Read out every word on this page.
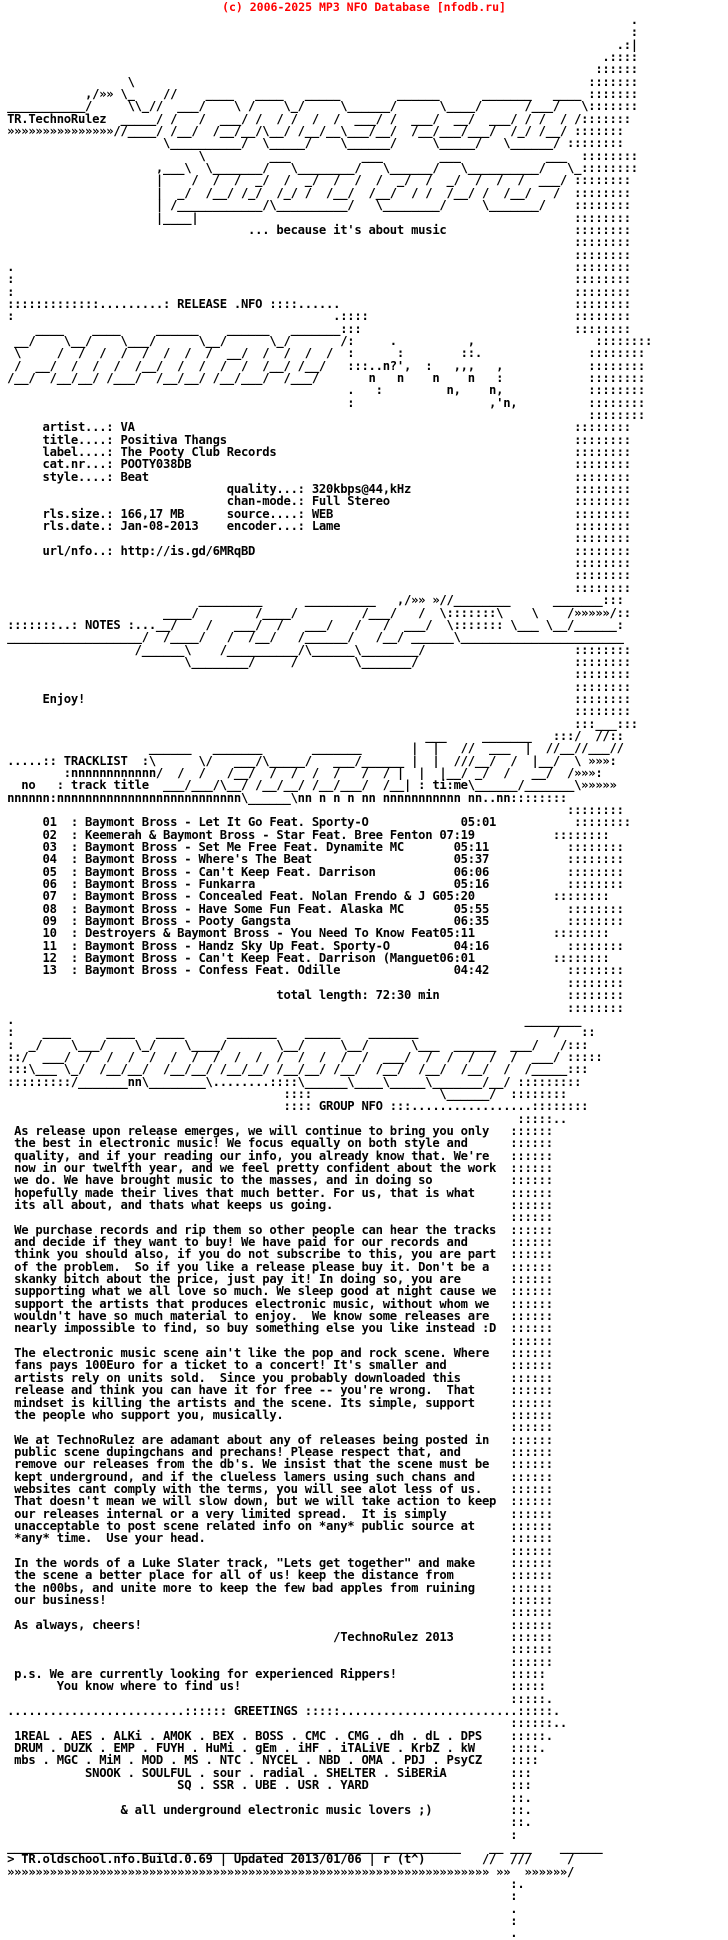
(c) 2006-2025 MP3 NFO Database [nfodb.ru]
.
:
.:|
.::::
::::::
\                                                                :::::::
,/»» \_    //    ____   ____   _____        ______      _______   ____ :::::::
___________/     \\_//  ___/    \ /    \_/     \______/      \____/      /___/   \:::::::
TR.TechnoRulez  _____/ /   /  ___/ /  / /  /  /  ___/ /  ___/  __/  ___/ / /  / /:::::::
»»»»»»»»»»»»»»»//____/ /__/  /__/__/\__/ /__/__\___/__/  /__/___/___/  /_/ /__/ :::::::
\__________/  \_____/    \______/     \_____/   \______/ ::::::::
\         ___          ___        ___            ___  ::::::::
,___\  \_______/   \________/   \______/   \__________/   \_::::::::
|    /  /  /  _/  /  _/  /  /  /  _/  /  _/  /  /  /  ___/ ::::::::
|  _/  /__/ /_/  /_/ /  /__/  /__/  / /  /__/ /  /__/   /  ::::::::
| /____________/\__________/   \________/     \_______/    ::::::::
|____|                                                     ::::::::
... because it's about music                  ::::::::
::::::::
::::::::
.                                                                               ::::::::
:                                                                               ::::::::
:                                                                               ::::::::
:::::::::::::.........: RELEASE .NFO ::::......                                 ::::::::
:                                             .::::                             ::::::::
____    ____     ______    ______   _______:::                              ::::::::
__/    \__/    \___/      \__/      \_/       /:     .          ,                 ::::::::
\     /  /  /  /  /  /  /  /  __/  /  /  /  /  :      :        ::.               ::::::::
/  __/  /  /  /  /__/  /  /  /  /  /__/ /__/   :::..n?',  :   ,,,   ,            ::::::::
/__/  /__/__/ /___/  /__/__/ /__/___/  /___/       n   n    n    n   :            ::::::::
.   :         n,    n,            ::::::::
:                   ,'n,          ::::::::
::::::::
artist...: VA                                                              ::::::::
title....: Positiva Thangs                                                 ::::::::
label....: The Pooty Club Records                                          ::::::::
cat.nr...: POOTY038DB                                                      ::::::::
style....: Beat                                                            ::::::::
quality...: 320kbps@44,kHz                       ::::::::
chan-mode.: Full Stereo                          ::::::::
rls.size.: 166,17 MB      source....: WEB                                  ::::::::
rls.date.: Jan-08-2013    encoder...: Lame                                 ::::::::
::::::::
url/nfo..: http://is.gd/6MRqBD                                             ::::::::
::::::::
::::::::
::::::::
_________      __________   ,/»» »//________      _______:::
____/        /____/         /___/   /  \:::::::\    \    /»»»»»/::
:::::::..: NOTES :...__/    /   ___/  /   ___/   /   /  ___/  \::::::: \___ \__/______:
___________________/  /____/   /  /__/   /______/   /__/ ______\_______________________
/______\    /__________/\______\________/                     ::::::::
\________/     /        \_______/                      ::::::::
::::::::
::::::::
Enjoy!                                                                     ::::::::
::::::::
:::___:::
___     _______   :::/  //::
______   _______       _______       |  |   //  ___  |  //__//___//
.....:: TRACKLIST  :\      \/   ___/\_____/   ___/______ |  |  ///__/  /  |__/  \ »»»:
:nnnnnnnnnnnn/  /  /   /__/  /  /  /  /   /  / |  |  |__/ _/  /   __/  /»»»:
no   : track title  ___/___/\__/ /__/__/ /__/___/  /__| : ti:me\______/_______\»»»»»
nnnnnn:nnnnnnnnnnnnnnnnnnnnnnnnnn\______\nn n n n nn nnnnnnnnnnn nn..nn::::::::
::::::::
01  : Baymont Bross - Let It Go Feat. Sporty-O             05:01           ::::::::
02  : Keemerah & Baymont Bross - Star Feat. Bree Fenton 07:19           ::::::::
03  : Baymont Bross - Set Me Free Feat. Dynamite MC       05:11           ::::::::
04  : Baymont Bross - Where's The Beat                    05:37           ::::::::
05  : Baymont Bross - Can't Keep Feat. Darrison           06:06           ::::::::
06  : Baymont Bross - Funkarra                            05:16           ::::::::
07  : Baymont Bross - Concealed Feat. Nolan Frendo & J G05:20           ::::::::
08  : Baymont Bross - Have Some Fun Feat. Alaska MC       05:55           ::::::::
09  : Baymont Bross - Pooty Gangsta                       06:35           ::::::::
10  : Destroyers & Baymont Bross - You Need To Know Feat05:11           ::::::::
11  : Baymont Bross - Handz Sky Up Feat. Sporty-O         04:16           ::::::::
12  : Baymont Bross - Can't Keep Feat. Darrison (Manguet06:01           ::::::::
13  : Baymont Bross - Confess Feat. Odille                04:42           ::::::::
::::::::
total length: 72:30 min                  ::::::::
::::::::
.                                                                        ________
:    ____     ____   ____      _______    _____    _______                   /   ::
:  _/    \___/    \_/    \____/       \__/     \__/      \___  ______  ___/   /:::
::/  ___/  /  /  /  /  /  /  /  /  /  /  /  /  /  /  ___/  /  /  /  /  /  ___/ :::::
:::\___ \_/  /__/__/  /__/__/ /__/__/ /__/__/ /__/  /__/  /__/  /__/  /  /_____:::
:::::::::/_______nn\________\........::::\______\____\_____\_______/__/ :::::::::
::::                  \______/  ::::::::
:::: GROUP NFO :::.................::::::::
:::::..
As release upon release emerges, we will continue to bring you only   ::::::
the best in electronic music! We focus equally on both style and      ::::::
quality, and if your reading our info, you already know that. We're   ::::::
now in our twelfth year, and we feel pretty confident about the work  ::::::
we do. We have brought music to the masses, and in doing so           ::::::
hopefully made their lives that much better. For us, that is what     ::::::
its all about, and thats what keeps us going.                         ::::::
::::::
We purchase records and rip them so other people can hear the tracks  ::::::
and decide if they want to buy! We have paid for our records and      ::::::
think you should also, if you do not subscribe to this, you are part  ::::::
of the problem.  So if you like a release please buy it. Don't be a   ::::::
skanky bitch about the price, just pay it! In doing so, you are       ::::::
supporting what we all love so much. We sleep good at night cause we  ::::::
support the artists that produces electronic music, without whom we   ::::::
wouldn't have so much material to enjoy.  We know some releases are   ::::::
nearly impossible to find, so buy something else you like instead :D  ::::::
::::::
The electronic music scene ain't like the pop and rock scene. Where   ::::::
fans pays 100Euro for a ticket to a concert! It's smaller and         ::::::
artists rely on units sold.  Since you probably downloaded this       ::::::
release and think you can have it for free -- you're wrong.  That     ::::::
mindset is killing the artists and the scene. Its simple, support     ::::::
the people who support you, musically.                                ::::::
::::::
We at TechnoRulez are adamant about any of releases being posted in   ::::::
public scene dupingchans and prechans! Please respect that, and       ::::::
remove our releases from the db's. We insist that the scene must be   ::::::
kept underground, and if the clueless lamers using such chans and     ::::::
websites cant comply with the terms, you will see alot less of us.    ::::::
That doesn't mean we will slow down, but we will take action to keep  ::::::
our releases internal or a very limited spread.  It is simply         ::::::
unacceptable to post scene related info on *any* public source at     ::::::
*any* time.  Use your head.                                           ::::::
::::::
In the words of a Luke Slater track, "Lets get together" and make     ::::::
the scene a better place for all of us! keep the distance from        ::::::
the n00bs, and unite more to keep the few bad apples from ruining     ::::::
our business!                                                         ::::::
::::::
As always, cheers!                                                    ::::::
/TechnoRulez 2013        ::::::
::::::
::::::
p.s. We are currently looking for experienced Rippers!                :::::
You know where to find us!                                      :::::
:::::.
.........................:::::: GREETINGS :::::.........................:::::.
::::::..
1REAL . AES . ALKi . AMOK . BEX . BOSS . CMC . CMG . dh . dL . DPS    :::::.
DRUM . DUZK . EMP . FUYH . HuMi . gEm . iHF . iTALiVE . KrbZ . kW     ::::.
mbs . MGC . MiM . MOD . MS . NTC . NYCEL . NBD . OMA . PDJ . PsyCZ    ::::
SNOOK . SOULFUL . sour . radial . SHELTER . SiBERiA         :::
SQ . SSR . UBE . USR . YARD                    :::
::.
& all underground electronic music lovers ;)           ::.
::.
:
________________________________________________________________    __ ___    ______
> TR.oldschool.nfo.Build.0.69 | Updated 2013/01/06 | r (t^)        //  ///     /
»»»»»»»»»»»»»»»»»»»»»»»»»»»»»»»»»»»»»»»»»»»»»»»»»»»»»»»»»»»»»»»»»»»» »»  »»»»»»/
:.
:
.
:
.
